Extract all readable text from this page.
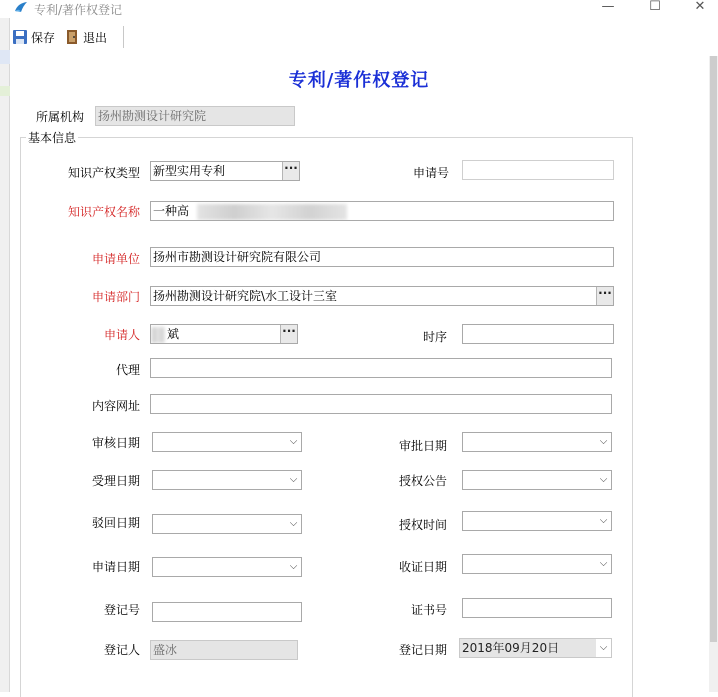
专利/著作权登记	—	☐	✕
保存 退出
专利/著作权登记
所属机构 扬州勘测设计研究院
基本信息
知识产权类型 新型实用专利	···	申请号
知识产权名称 一种高
申请单位 扬州市勘测设计研究院有限公司
申请部门 扬州勘测设计研究院\水工设计三室	···
申请人	斌	···	时序
代理
内容网址
审核日期	⌵	审批日期	⌵
受理日期	⌵	授权公告	⌵
驳回日期	⌵	授权时间	⌵
申请日期	⌵	收证日期	⌵
登记号	证书号
登记人 盛冰	登记日期 2018年09月20日	⌵
